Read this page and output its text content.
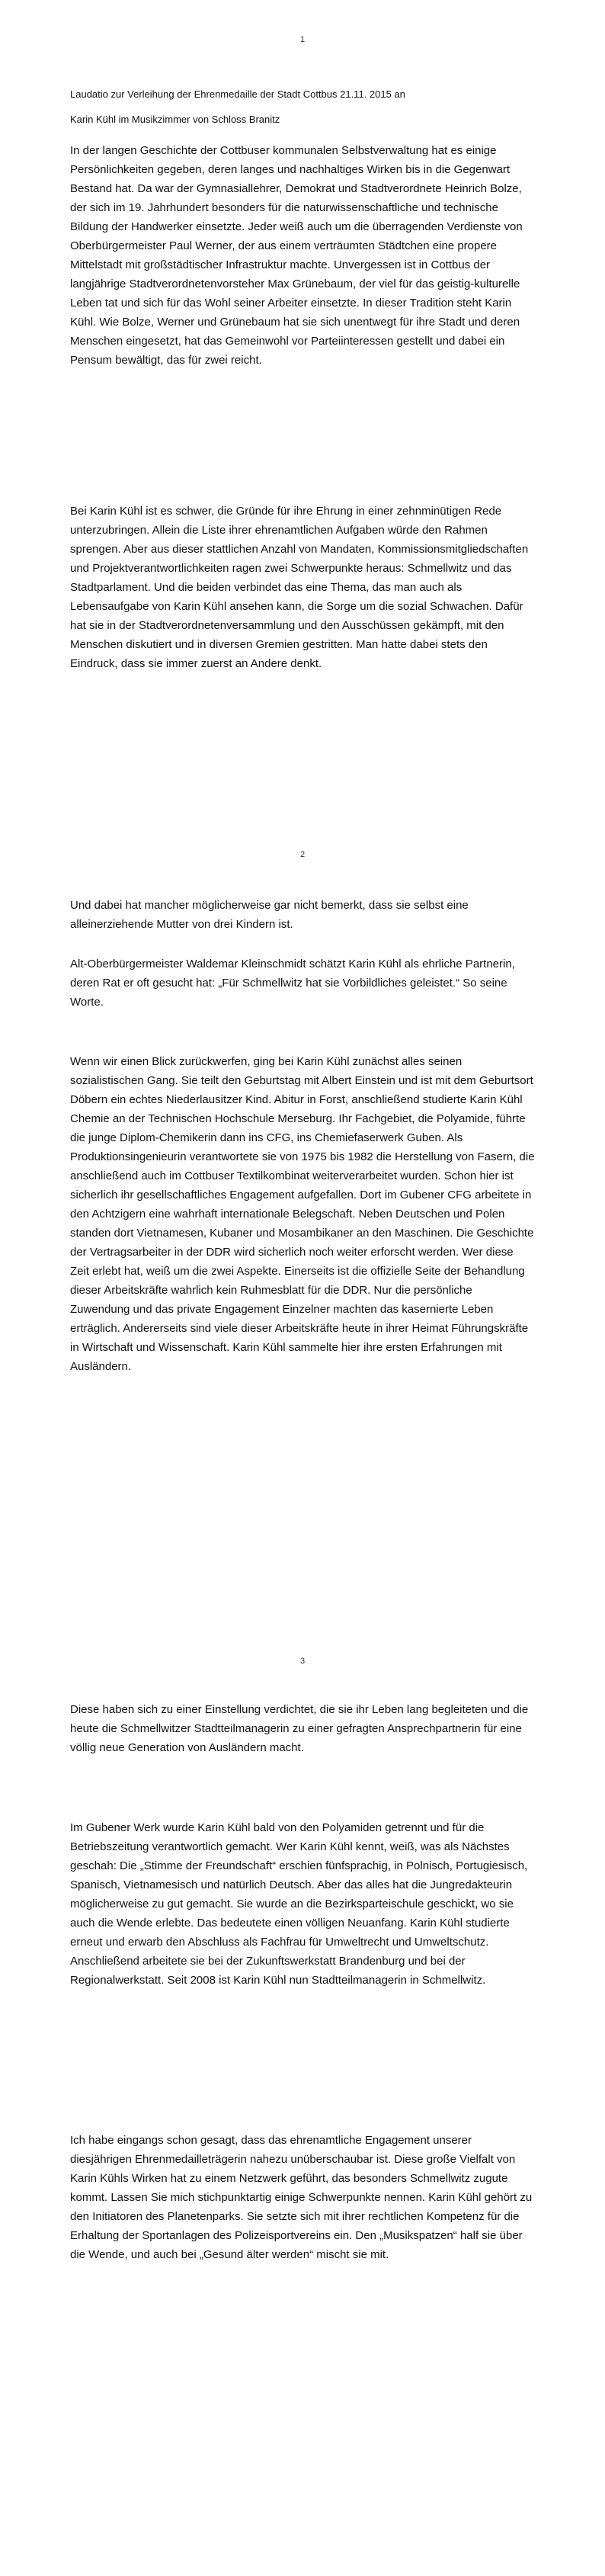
1

Laudatio zur Verleihung der Ehrenmedaille der Stadt Cottbus 21.11. 2015 an

Karin Kühl im Musikzimmer von Schloss Branitz

In der langen Geschichte der Cottbuser kommunalen Selbstverwaltung hat es einige Persönlichkeiten gegeben, deren langes und nachhaltiges Wirken bis in die Gegenwart Bestand hat. Da war der Gymnasiallehrer, Demokrat und Stadtverordnete Heinrich Bolze, der sich im 19. Jahrhundert besonders für die naturwissenschaftliche und technische Bildung der Handwerker einsetzte. Jeder weiß auch um die überragenden Verdienste von Oberbürgermeister Paul Werner, der aus einem verträumten Städtchen eine propere Mittelstadt mit großstädtischer Infrastruktur machte. Unvergessen ist in Cottbus der langjährige Stadtverordnetenvorsteher Max Grünebaum, der viel für das geistig-kulturelle Leben tat und sich für das Wohl seiner Arbeiter einsetzte. In dieser Tradition steht Karin Kühl. Wie Bolze, Werner und Grünebaum hat sie sich unentwegt für ihre Stadt und deren Menschen eingesetzt, hat das Gemeinwohl vor Parteiinteressen gestellt und dabei ein Pensum bewältigt, das für zwei reicht.

Bei Karin Kühl ist es schwer, die Gründe für ihre Ehrung in einer zehnminütigen Rede unterzubringen. Allein die Liste ihrer ehrenamtlichen Aufgaben würde den Rahmen sprengen. Aber aus dieser stattlichen Anzahl von Mandaten, Kommissionsmitgliedschaften und Projektverantwortlichkeiten ragen zwei Schwerpunkte heraus: Schmellwitz und das Stadtparlament. Und die beiden verbindet das eine Thema, das man auch als Lebensaufgabe von Karin Kühl ansehen kann, die Sorge um die sozial Schwachen. Dafür hat sie in der Stadtverordnetenversammlung und den Ausschüssen gekämpft, mit den Menschen diskutiert und in diversen Gremien gestritten. Man hatte dabei stets den Eindruck, dass sie immer zuerst an Andere denkt.

2

Und dabei hat mancher möglicherweise gar nicht bemerkt, dass sie selbst eine alleinerziehende Mutter von drei Kindern ist.

Alt-Oberbürgermeister Waldemar Kleinschmidt schätzt Karin Kühl als ehrliche Partnerin, deren Rat er oft gesucht hat: „Für Schmellwitz hat sie Vorbildliches geleistet.“ So seine Worte.

Wenn wir einen Blick zurückwerfen, ging bei Karin Kühl zunächst alles seinen sozialistischen Gang. Sie teilt den Geburtstag mit Albert Einstein und ist mit dem Geburtsort Döbern ein echtes Niederlausitzer Kind. Abitur in Forst, anschließend studierte Karin Kühl Chemie an der Technischen Hochschule Merseburg. Ihr Fachgebiet, die Polyamide, führte die junge Diplom-Chemikerin dann ins CFG, ins Chemiefaserwerk Guben. Als Produktionsingenieurin verantwortete sie von 1975 bis 1982 die Herstellung von Fasern, die anschließend auch im Cottbuser Textilkombinat weiterverarbeitet wurden. Schon hier ist sicherlich ihr gesellschaftliches Engagement aufgefallen. Dort im Gubener CFG arbeitete in den Achtzigern eine wahrhaft internationale Belegschaft. Neben Deutschen und Polen standen dort Vietnamesen, Kubaner und Mosambikaner an den Maschinen. Die Geschichte der Vertragsarbeiter in der DDR wird sicherlich noch weiter erforscht werden. Wer diese Zeit erlebt hat, weiß um die zwei Aspekte. Einerseits ist die offizielle Seite der Behandlung dieser Arbeitskräfte wahrlich kein Ruhmesblatt für die DDR. Nur die persönliche Zuwendung und das private Engagement Einzelner machten das kasernierte Leben erträglich. Andererseits sind viele dieser Arbeitskräfte heute in ihrer Heimat Führungskräfte in Wirtschaft und Wissenschaft. Karin Kühl sammelte hier ihre ersten Erfahrungen mit Ausländern.

3

Diese haben sich zu einer Einstellung verdichtet, die sie ihr Leben lang begleiteten und die heute die Schmellwitzer Stadtteilmanagerin zu einer gefragten Ansprechpartnerin für eine völlig neue Generation von Ausländern macht.

Im Gubener Werk wurde Karin Kühl bald von den Polyamiden getrennt und für die Betriebszeitung verantwortlich gemacht. Wer Karin Kühl kennt, weiß, was als Nächstes geschah: Die „Stimme der Freundschaft“ erschien fünfsprachig, in Polnisch, Portugiesisch, Spanisch, Vietnamesisch und natürlich Deutsch. Aber das alles hat die Jungredakteurin möglicherweise zu gut gemacht. Sie wurde an die Bezirksparteischule geschickt, wo sie auch die Wende erlebte. Das bedeutete einen völligen Neuanfang. Karin Kühl studierte erneut und erwarb den Abschluss als Fachfrau für Umweltrecht und Umweltschutz. Anschließend arbeitete sie bei der Zukunftswerkstatt Brandenburg und bei der Regionalwerkstatt. Seit 2008 ist Karin Kühl nun Stadtteilmanagerin in Schmellwitz.

Ich habe eingangs schon gesagt, dass das ehrenamtliche Engagement unserer diesjährigen Ehrenmedailleträgerin nahezu unüberschaubar ist. Diese große Vielfalt von Karin Kühls Wirken hat zu einem Netzwerk geführt, das besonders Schmellwitz zugute kommt. Lassen Sie mich stichpunktartig einige Schwerpunkte nennen. Karin Kühl gehört zu den Initiatoren des Planetenparks. Sie setzte sich mit ihrer rechtlichen Kompetenz für die Erhaltung der Sportanlagen des Polizeisportvereins ein. Den „Musikspatzen“ half sie über die Wende, und auch bei „Gesund älter werden“ mischt sie mit.
